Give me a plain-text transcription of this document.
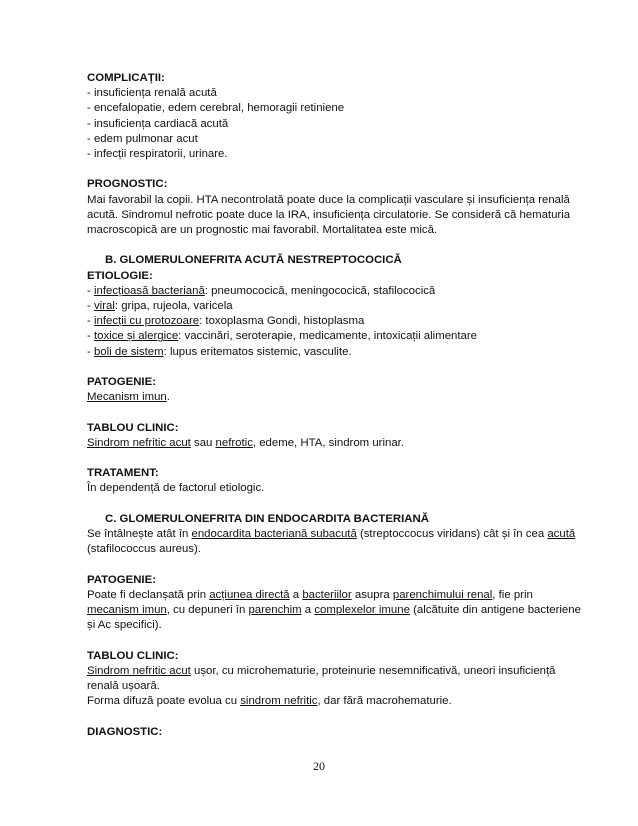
COMPLICAȚII:
- insuficiența renală acută
- encefalopatie, edem cerebral, hemoragii retiniene
- insuficiența cardiacă acută
- edem pulmonar acut
- infecții respiratorii, urinare.
PROGNOSTIC:
Mai favorabil la copii. HTA necontrolată poate duce la complicații vasculare și insuficiența renală
acută. Sindromul nefrotic poate duce la IRA, insuficiența circulatorie. Se consideră că hematuria
macroscopică are un prognostic mai favorabil. Mortalitatea este mică.
B. GLOMERULONEFRITA ACUTĂ NESTREPTOCOCICĂ
ETIOLOGIE:
- infecțioasă bacteriană: pneumococică, meningococică, stafilococică
- viral: gripa, rujeola, varicela
- infecții cu protozoare: toxoplasma Gondi, histoplasma
- toxice și alergice: vaccinări, seroterapie, medicamente, intoxicații alimentare
- boli de sistem: lupus eritematos sistemic, vasculite.
PATOGENIE:
Mecanism imun.
TABLOU CLINIC:
Sindrom nefritic acut sau nefrotic, edeme, HTA, sindrom urinar.
TRATAMENT:
În dependență de factorul etiologic.
C. GLOMERULONEFRITA DIN ENDOCARDITA BACTERIANĂ
Se întâlnește atât în endocardita bacteriană subacută (streptoccocus viridans) cât și în cea acută
(stafilococcus aureus).
PATOGENIE:
Poate fi declanșată prin acțiunea directă a bacteriilor asupra parenchimului renal, fie prin
mecanism imun, cu depuneri în parenchim a complexelor imune (alcătuite din antigene bacteriene
și Ac specifici).
TABLOU CLINIC:
Sindrom nefritic acut ușor, cu microhematurie, proteinurie nesemnificativă, uneori insuficiență
renală ușoară.
Forma difuză poate evolua cu sindrom nefritic, dar fără macrohematurie.
DIAGNOSTIC:
20
